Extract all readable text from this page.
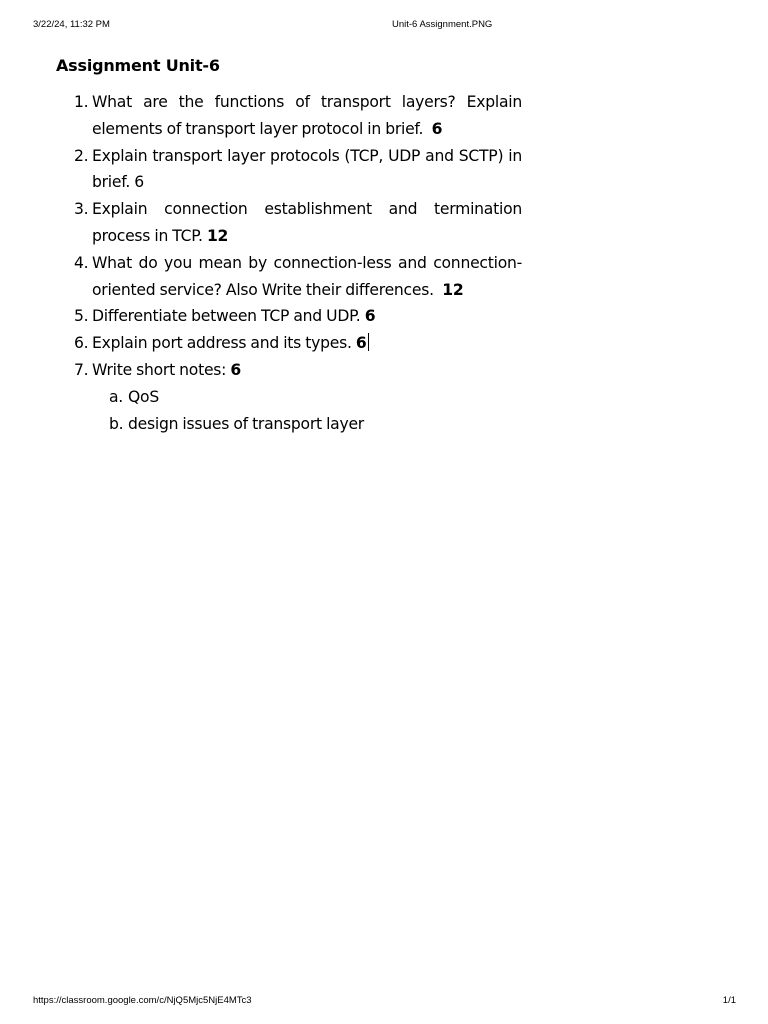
3/22/24, 11:32 PM	Unit-6 Assignment.PNG
Assignment Unit-6
1. What are the functions of transport layers? Explain elements of transport layer protocol in brief. 6
2. Explain transport layer protocols (TCP, UDP and SCTP) in brief. 6
3. Explain connection establishment and termination process in TCP. 12
4. What do you mean by connection-less and connection-oriented service? Also Write their differences. 12
5. Differentiate between TCP and UDP. 6
6. Explain port address and its types. 6
7. Write short notes: 6
a. QoS
b. design issues of transport layer
https://classroom.google.com/c/NjQ5Mjc5NjE4MTc3	1/1
